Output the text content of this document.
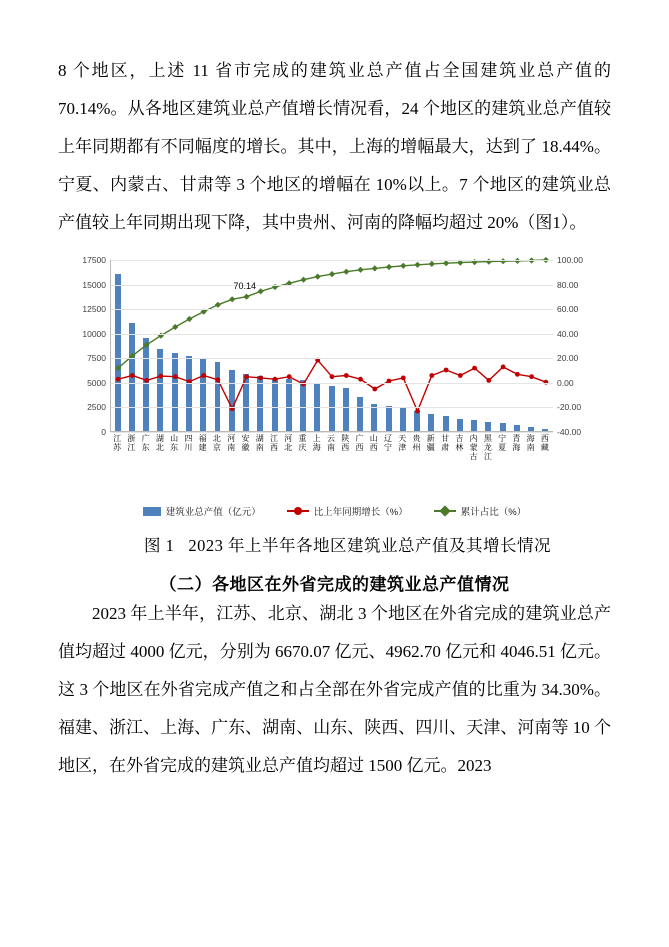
8 个地区，上述 11 省市完成的建筑业总产值占全国建筑业总产值的 70.14%。从各地区建筑业总产值增长情况看，24 个地区的建筑业总产值较上年同期都有不同幅度的增长。其中，上海的增幅最大，达到了 18.44%。宁夏、内蒙古、甘肃等 3 个地区的增幅在 10%以上。7 个地区的建筑业总产值较上年同期出现下降，其中贵州、河南的降幅均超过 20%（图1）。

0
2500
5000
7500
10000
12500
15000
17500
-40.00
-20.00
0.00
20.00
40.00
60.00
80.00
100.00
江苏
浙江
广东
湖北
山东
四川
福建
北京
河南
安徽
湖南
江西
河北
重庆
上海
云南
陕西
广西
山西
辽宁
天津
贵州
新疆
甘肃
吉林
内蒙古
黑龙江
宁夏
青海
海南
西藏
70.14
建筑业总产值（亿元）	比上年同期增长（%）	累计占比（%）
图 1 2023 年上半年各地区建筑业总产值及其增长情况
（二）各地区在外省完成的建筑业总产值情况

2023 年上半年，江苏、北京、湖北 3 个地区在外省完成的建筑业总产值均超过 4000 亿元，分别为 6670.07 亿元、4962.70 亿元和 4046.51 亿元。这 3 个地区在外省完成产值之和占全部在外省完成产值的比重为 34.30%。福建、浙江、上海、广东、湖南、山东、陕西、四川、天津、河南等 10 个地区，在外省完成的建筑业总产值均超过 1500 亿元。2023
